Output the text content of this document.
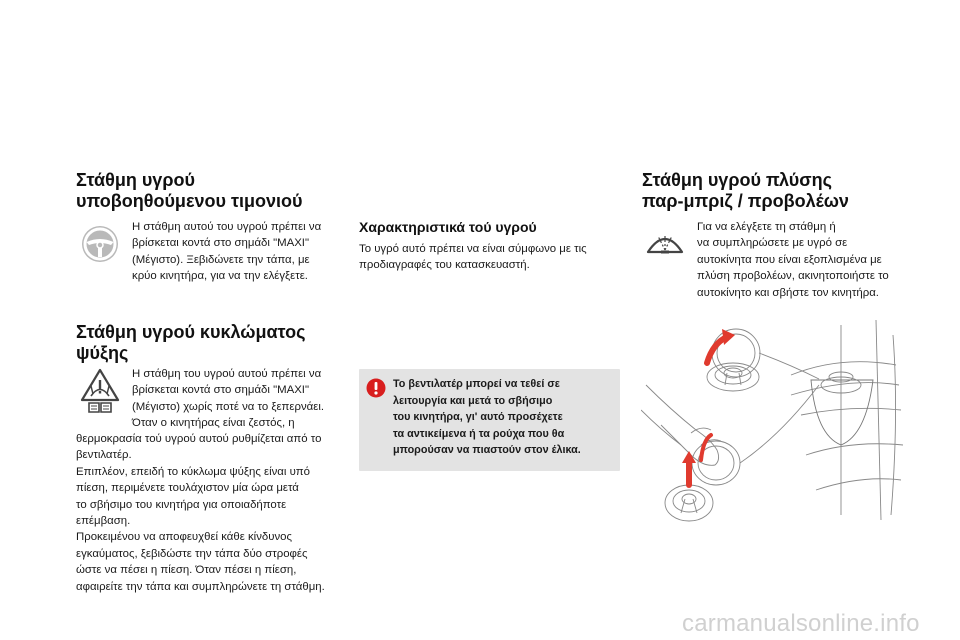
Στάθμη υγρού
υποβοηθούμενου τιμονιού
Η στάθμη αυτού του υγρού πρέπει να
βρίσκεται κοντά στο σημάδι "MAXI"
(Μέγιστο). Ξεβιδώνετε την τάπα, με
κρύο κινητήρα, για να την ελέγξετε.
Στάθμη υγρού κυκλώματος
ψύξης
Η στάθμη του υγρού αυτού πρέπει να
βρίσκεται κοντά στο σημάδι "MAXI"
(Μέγιστο) χωρίς ποτέ να το ξεπερνάει.
Όταν ο κινητήρας είναι ζεστός, η
θερμοκρασία τού υγρού αυτού ρυθμίζεται από το
βεντιλατέρ.
Επιπλέον, επειδή το κύκλωμα ψύξης είναι υπό
πίεση, περιμένετε τουλάχιστον μία ώρα μετά
το σβήσιμο του κινητήρα για οποιαδήποτε
επέμβαση.
Προκειμένου να αποφευχθεί κάθε κίνδυνος
εγκαύματος, ξεβιδώστε την τάπα δύο στροφές
ώστε να πέσει η πίεση. Όταν πέσει η πίεση,
αφαιρείτε την τάπα και συμπληρώνετε τη στάθμη.
Χαρακτηριστικά τού υγρού
Το υγρό αυτό πρέπει να είναι σύμφωνο με τις
προδιαγραφές του κατασκευαστή.
Το βεντιλατέρ μπορεί να τεθεί σε
λειτουργία και μετά το σβήσιμο
του κινητήρα, γι' αυτό προσέχετε
τα αντικείμενα ή τα ρούχα που θα
μπορούσαν να πιαστούν στον έλικα.
Στάθμη υγρού πλύσης
παρ-μπριζ / προβολέων
Για να ελέγξετε τη στάθμη ή
να συμπληρώσετε με υγρό σε
αυτοκίνητα που είναι εξοπλισμένα με
πλύση προβολέων, ακινητοποιήστε το
αυτοκίνητο και σβήστε τον κινητήρα.
carmanualsonline.info
